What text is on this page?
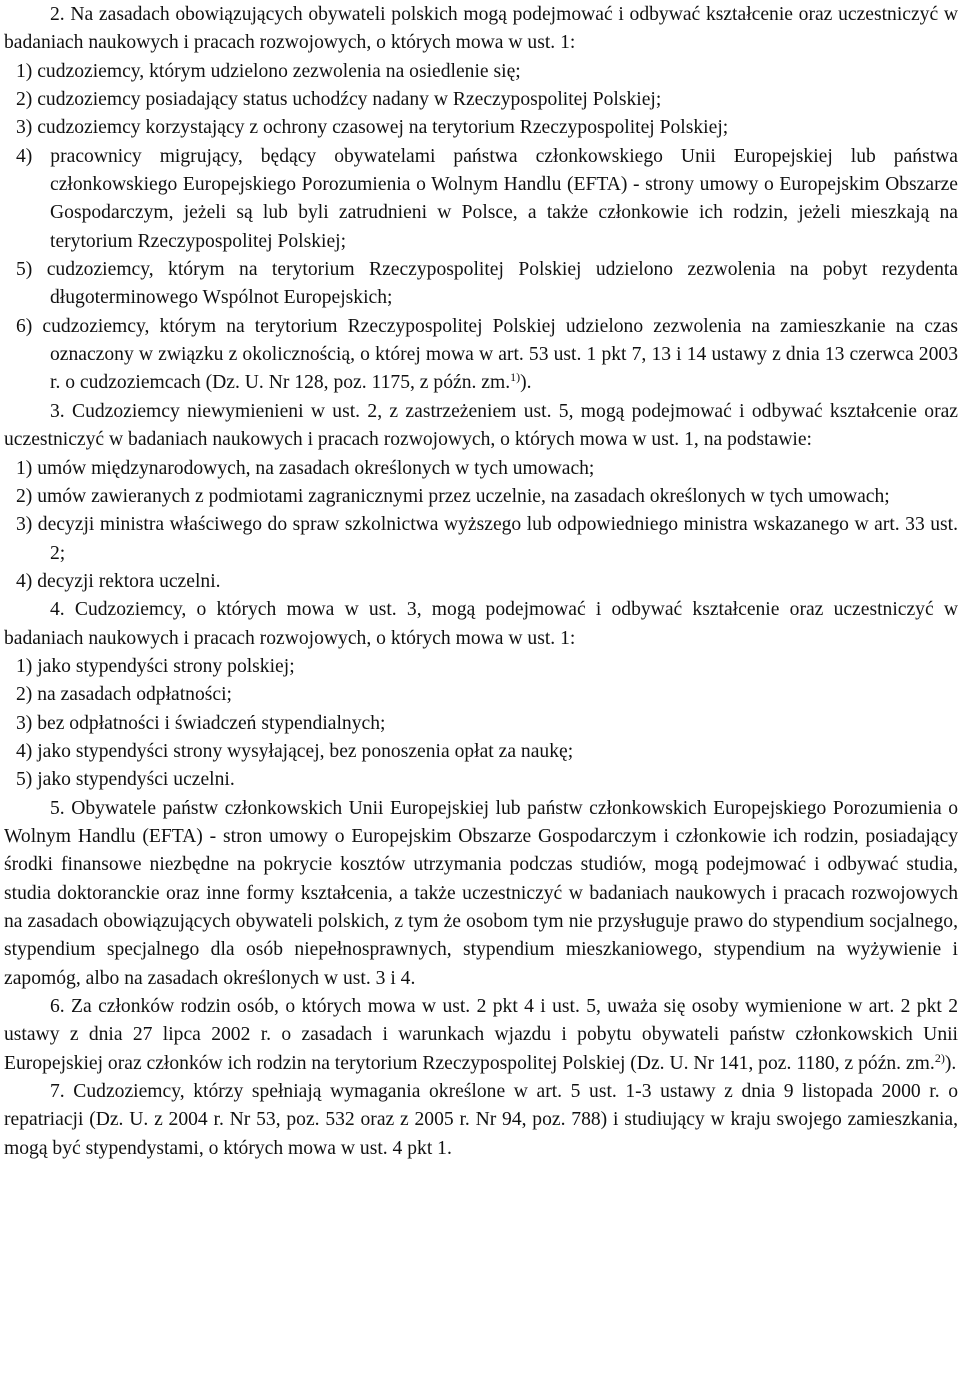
2. Na zasadach obowiązujących obywateli polskich mogą podejmować i odbywać kształcenie oraz uczestniczyć w badaniach naukowych i pracach rozwojowych, o których mowa w ust. 1:

1) cudzoziemcy, którym udzielono zezwolenia na osiedlenie się;

2) cudzoziemcy posiadający status uchodźcy nadany w Rzeczypospolitej Polskiej;

3) cudzoziemcy korzystający z ochrony czasowej na terytorium Rzeczypospolitej Polskiej;

4) pracownicy migrujący, będący obywatelami państwa członkowskiego Unii Europejskiej lub państwa członkowskiego Europejskiego Porozumienia o Wolnym Handlu (EFTA) - strony umowy o Europejskim Obszarze Gospodarczym, jeżeli są lub byli zatrudnieni w Polsce, a także członkowie ich rodzin, jeżeli mieszkają na terytorium Rzeczypospolitej Polskiej;

5) cudzoziemcy, którym na terytorium Rzeczypospolitej Polskiej udzielono zezwolenia na pobyt rezydenta długoterminowego Wspólnot Europejskich;

6) cudzoziemcy, którym na terytorium Rzeczypospolitej Polskiej udzielono zezwolenia na zamieszkanie na czas oznaczony w związku z okolicznością, o której mowa w art. 53 ust. 1 pkt 7, 13 i 14 ustawy z dnia 13 czerwca 2003 r. o cudzoziemcach (Dz. U. Nr 128, poz. 1175, z późn. zm.$^{1)}$).

3. Cudzoziemcy niewymienieni w ust. 2, z zastrzeżeniem ust. 5, mogą podejmować i odbywać kształcenie oraz uczestniczyć w badaniach naukowych i pracach rozwojowych, o których mowa w ust. 1, na podstawie:

1) umów międzynarodowych, na zasadach określonych w tych umowach;

2) umów zawieranych z podmiotami zagranicznymi przez uczelnie, na zasadach określonych w tych umowach;

3) decyzji ministra właściwego do spraw szkolnictwa wyższego lub odpowiedniego ministra wskazanego w art. 33 ust. 2;

4) decyzji rektora uczelni.

4. Cudzoziemcy, o których mowa w ust. 3, mogą podejmować i odbywać kształcenie oraz uczestniczyć w badaniach naukowych i pracach rozwojowych, o których mowa w ust. 1:

1) jako stypendyści strony polskiej;

2) na zasadach odpłatności;

3) bez odpłatności i świadczeń stypendialnych;

4) jako stypendyści strony wysyłającej, bez ponoszenia opłat za naukę;

5) jako stypendyści uczelni.

5. Obywatele państw członkowskich Unii Europejskiej lub państw członkowskich Europejskiego Porozumienia o Wolnym Handlu (EFTA) - stron umowy o Europejskim Obszarze Gospodarczym i członkowie ich rodzin, posiadający środki finansowe niezbędne na pokrycie kosztów utrzymania podczas studiów, mogą podejmować i odbywać studia, studia doktoranckie oraz inne formy kształcenia, a także uczestniczyć w badaniach naukowych i pracach rozwojowych na zasadach obowiązujących obywateli polskich, z tym że osobom tym nie przysługuje prawo do stypendium socjalnego, stypendium specjalnego dla osób niepełnosprawnych, stypendium mieszkaniowego, stypendium na wyżywienie i zapomóg, albo na zasadach określonych w ust. 3 i 4.

6. Za członków rodzin osób, o których mowa w ust. 2 pkt 4 i ust. 5, uważa się osoby wymienione w art. 2 pkt 2 ustawy z dnia 27 lipca 2002 r. o zasadach i warunkach wjazdu i pobytu obywateli państw członkowskich Unii Europejskiej oraz członków ich rodzin na terytorium Rzeczypospolitej Polskiej (Dz. U. Nr 141, poz. 1180, z późn. zm.$^{2)}$).

7. Cudzoziemcy, którzy spełniają wymagania określone w art. 5 ust. 1-3 ustawy z dnia 9 listopada 2000 r. o repatriacji (Dz. U. z 2004 r. Nr 53, poz. 532 oraz z 2005 r. Nr 94, poz. 788) i studiujący w kraju swojego zamieszkania, mogą być stypendystami, o których mowa w ust. 4 pkt 1.
